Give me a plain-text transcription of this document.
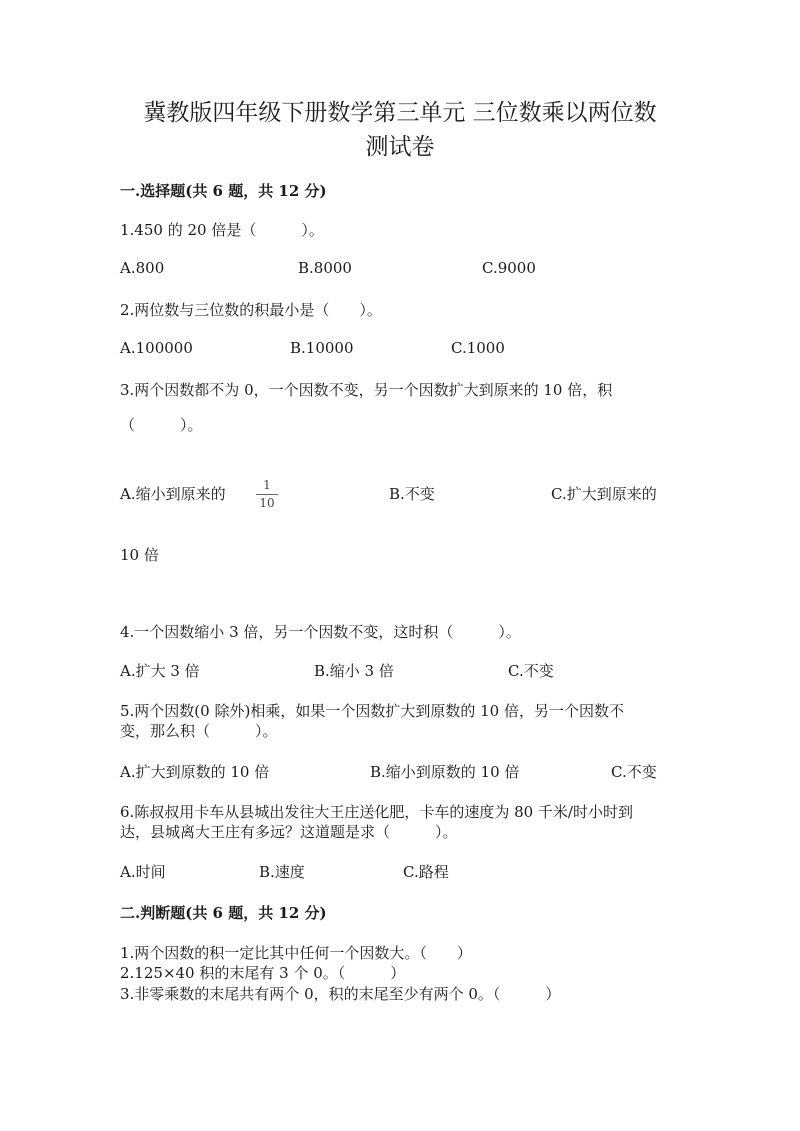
冀教版四年级下册数学第三单元 三位数乘以两位数
测试卷
一.选择题(共 6 题，共 12 分)
1.450 的 20 倍是（　　　）。
A.800	B.8000	C.9000
2.两位数与三位数的积最小是（　　）。
A.100000	B.10000	C.1000
3.两个因数都不为 0，一个因数不变，另一个因数扩大到原来的 10 倍，积
（　　　）。
A.缩小到原来的	1
10	B.不变	C.扩大到原来的
10 倍
4.一个因数缩小 3 倍，另一个因数不变，这时积（　　　）。
A.扩大 3 倍	B.缩小 3 倍	C.不变
5.两个因数(0 除外)相乘，如果一个因数扩大到原数的 10 倍，另一个因数不
变，那么积（　　　）。
A.扩大到原数的 10 倍	B.缩小到原数的 10 倍	C.不变
6.陈叔叔用卡车从县城出发往大王庄送化肥，卡车的速度为 80 千米/时小时到
达，县城离大王庄有多远？这道题是求（　　　）。
A.时间	B.速度	C.路程
二.判断题(共 6 题，共 12 分)
1.两个因数的积一定比其中任何一个因数大。（　　）
2.125×40 积的末尾有 3 个 0。（　　　）
3.非零乘数的末尾共有两个 0，积的末尾至少有两个 0。（　　　）
